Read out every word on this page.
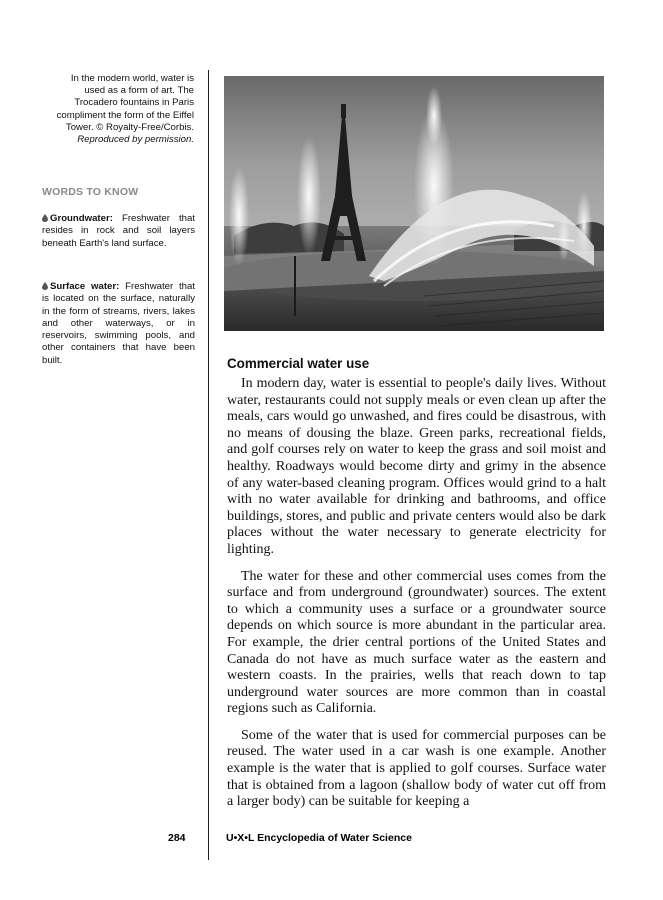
In the modern world, water is
used as a form of art. The
Trocadero fountains in Paris
compliment the form of the Eiffel
Tower. © Royalty-Free/Corbis.
Reproduced by permission.
WORDS TO KNOW
Groundwater: Freshwater that resides in rock and soil layers beneath Earth's land surface.
Surface water: Freshwater that is located on the surface, naturally in the form of streams, rivers, lakes and other waterways, or in reservoirs, swimming pools, and other containers that have been built.	Commercial water use

In modern day, water is essential to people's daily lives. Without water, restaurants could not supply meals or even clean up after the meals, cars would go unwashed, and fires could be disastrous, with no means of dousing the blaze. Green parks, recreational fields, and golf courses rely on water to keep the grass and soil moist and healthy. Roadways would become dirty and grimy in the absence of any water-based cleaning program. Offices would grind to a halt with no water available for drinking and bathrooms, and office buildings, stores, and public and private centers would also be dark places without the water necessary to generate electricity for lighting.

The water for these and other commercial uses comes from the surface and from underground (groundwater) sources. The extent to which a community uses a surface or a groundwater source depends on which source is more abundant in the particular area. For example, the drier central portions of the United States and Canada do not have as much surface water as the eastern and western coasts. In the prairies, wells that reach down to tap underground water sources are more common than in coastal regions such as California.

Some of the water that is used for commercial purposes can be reused. The water used in a car wash is one example. Another example is the water that is applied to golf courses. Surface water that is obtained from a lagoon (shallow body of water cut off from a larger body) can be suitable for keeping a

284	U•X•L Encyclopedia of Water Science
